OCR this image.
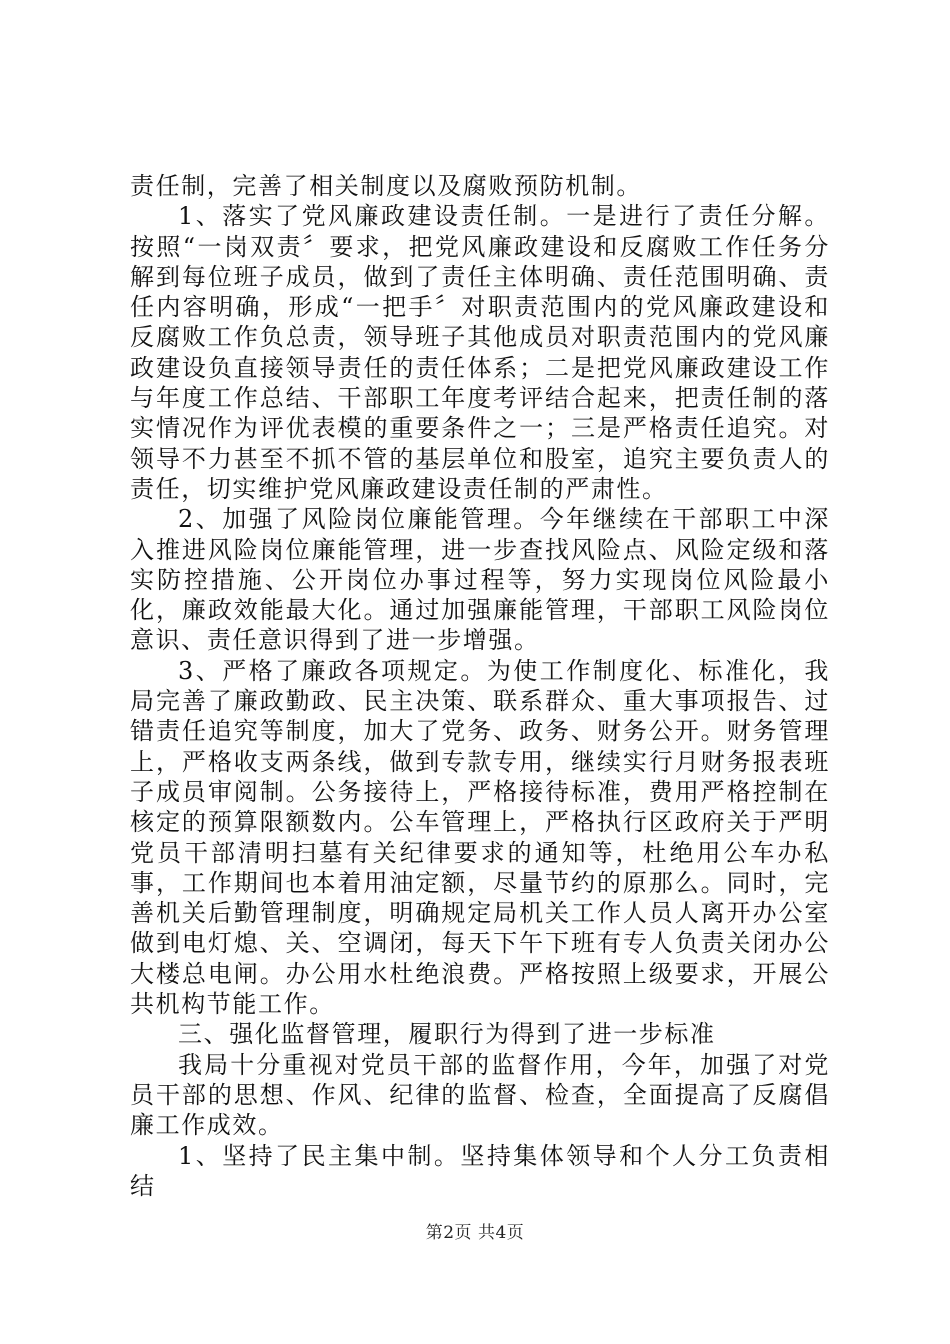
责任制，完善了相关制度以及腐败预防机制。

1、落实了党风廉政建设责任制。一是进行了责任分解。按照“一岗双责〞要求，把党风廉政建设和反腐败工作任务分解到每位班子成员，做到了责任主体明确、责任范围明确、责任内容明确，形成“一把手〞对职责范围内的党风廉政建设和反腐败工作负总责，领导班子其他成员对职责范围内的党风廉政建设负直接领导责任的责任体系；二是把党风廉政建设工作与年度工作总结、干部职工年度考评结合起来，把责任制的落实情况作为评优表模的重要条件之一；三是严格责任追究。对领导不力甚至不抓不管的基层单位和股室，追究主要负责人的责任，切实维护党风廉政建设责任制的严肃性。

2、加强了风险岗位廉能管理。今年继续在干部职工中深入推进风险岗位廉能管理，进一步查找风险点、风险定级和落实防控措施、公开岗位办事过程等，努力实现岗位风险最小化，廉政效能最大化。通过加强廉能管理，干部职工风险岗位意识、责任意识得到了进一步增强。

3、严格了廉政各项规定。为使工作制度化、标准化，我局完善了廉政勤政、民主决策、联系群众、重大事项报告、过错责任追究等制度，加大了党务、政务、财务公开。财务管理上，严格收支两条线，做到专款专用，继续实行月财务报表班子成员审阅制。公务接待上，严格接待标准，费用严格控制在核定的预算限额数内。公车管理上，严格执行区政府关于严明党员干部清明扫墓有关纪律要求的通知等，杜绝用公车办私事，工作期间也本着用油定额，尽量节约的原那么。同时，完善机关后勤管理制度，明确规定局机关工作人员人离开办公室做到电灯熄、关、空调闭，每天下午下班有专人负责关闭办公大楼总电闸。办公用水杜绝浪费。严格按照上级要求，开展公共机构节能工作。

三、强化监督管理，履职行为得到了进一步标准

我局十分重视对党员干部的监督作用，今年，加强了对党员干部的思想、作风、纪律的监督、检查，全面提高了反腐倡廉工作成效。

1、坚持了民主集中制。坚持集体领导和个人分工负责相结

第2页 共4页
